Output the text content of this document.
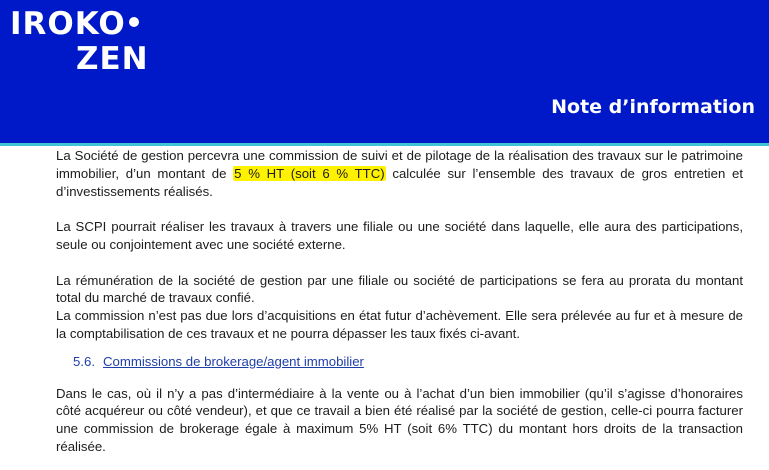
IROKO
ZEN
Note d’information

La Société de gestion percevra une commission de suivi et de pilotage de la réalisation des travaux sur le patrimoine immobilier, d’un montant de 5 % HT (soit 6 % TTC) calculée sur l’ensemble des travaux de gros entretien et d’investissements réalisés.

La SCPI pourrait réaliser les travaux à travers une filiale ou une société dans laquelle, elle aura des participations, seule ou conjointement avec une société externe.

La rémunération de la société de gestion par une filiale ou société de participations se fera au prorata du montant total du marché de travaux confié.

La commission n’est pas due lors d’acquisitions en état futur d’achèvement. Elle sera prélevée au fur et à mesure de la comptabilisation de ces travaux et ne pourra dépasser les taux fixés ci-avant.

5.6. Commissions de brokerage/agent immobilier

Dans le cas, où il n’y a pas d’intermédiaire à la vente ou à l’achat d’un bien immobilier (qu’il s’agisse d’honoraires côté acquéreur ou côté vendeur), et que ce travail a bien été réalisé par la société de gestion, celle-ci pourra facturer une commission de brokerage égale à maximum 5% HT (soit 6% TTC) du montant hors droits de la transaction réalisée.
